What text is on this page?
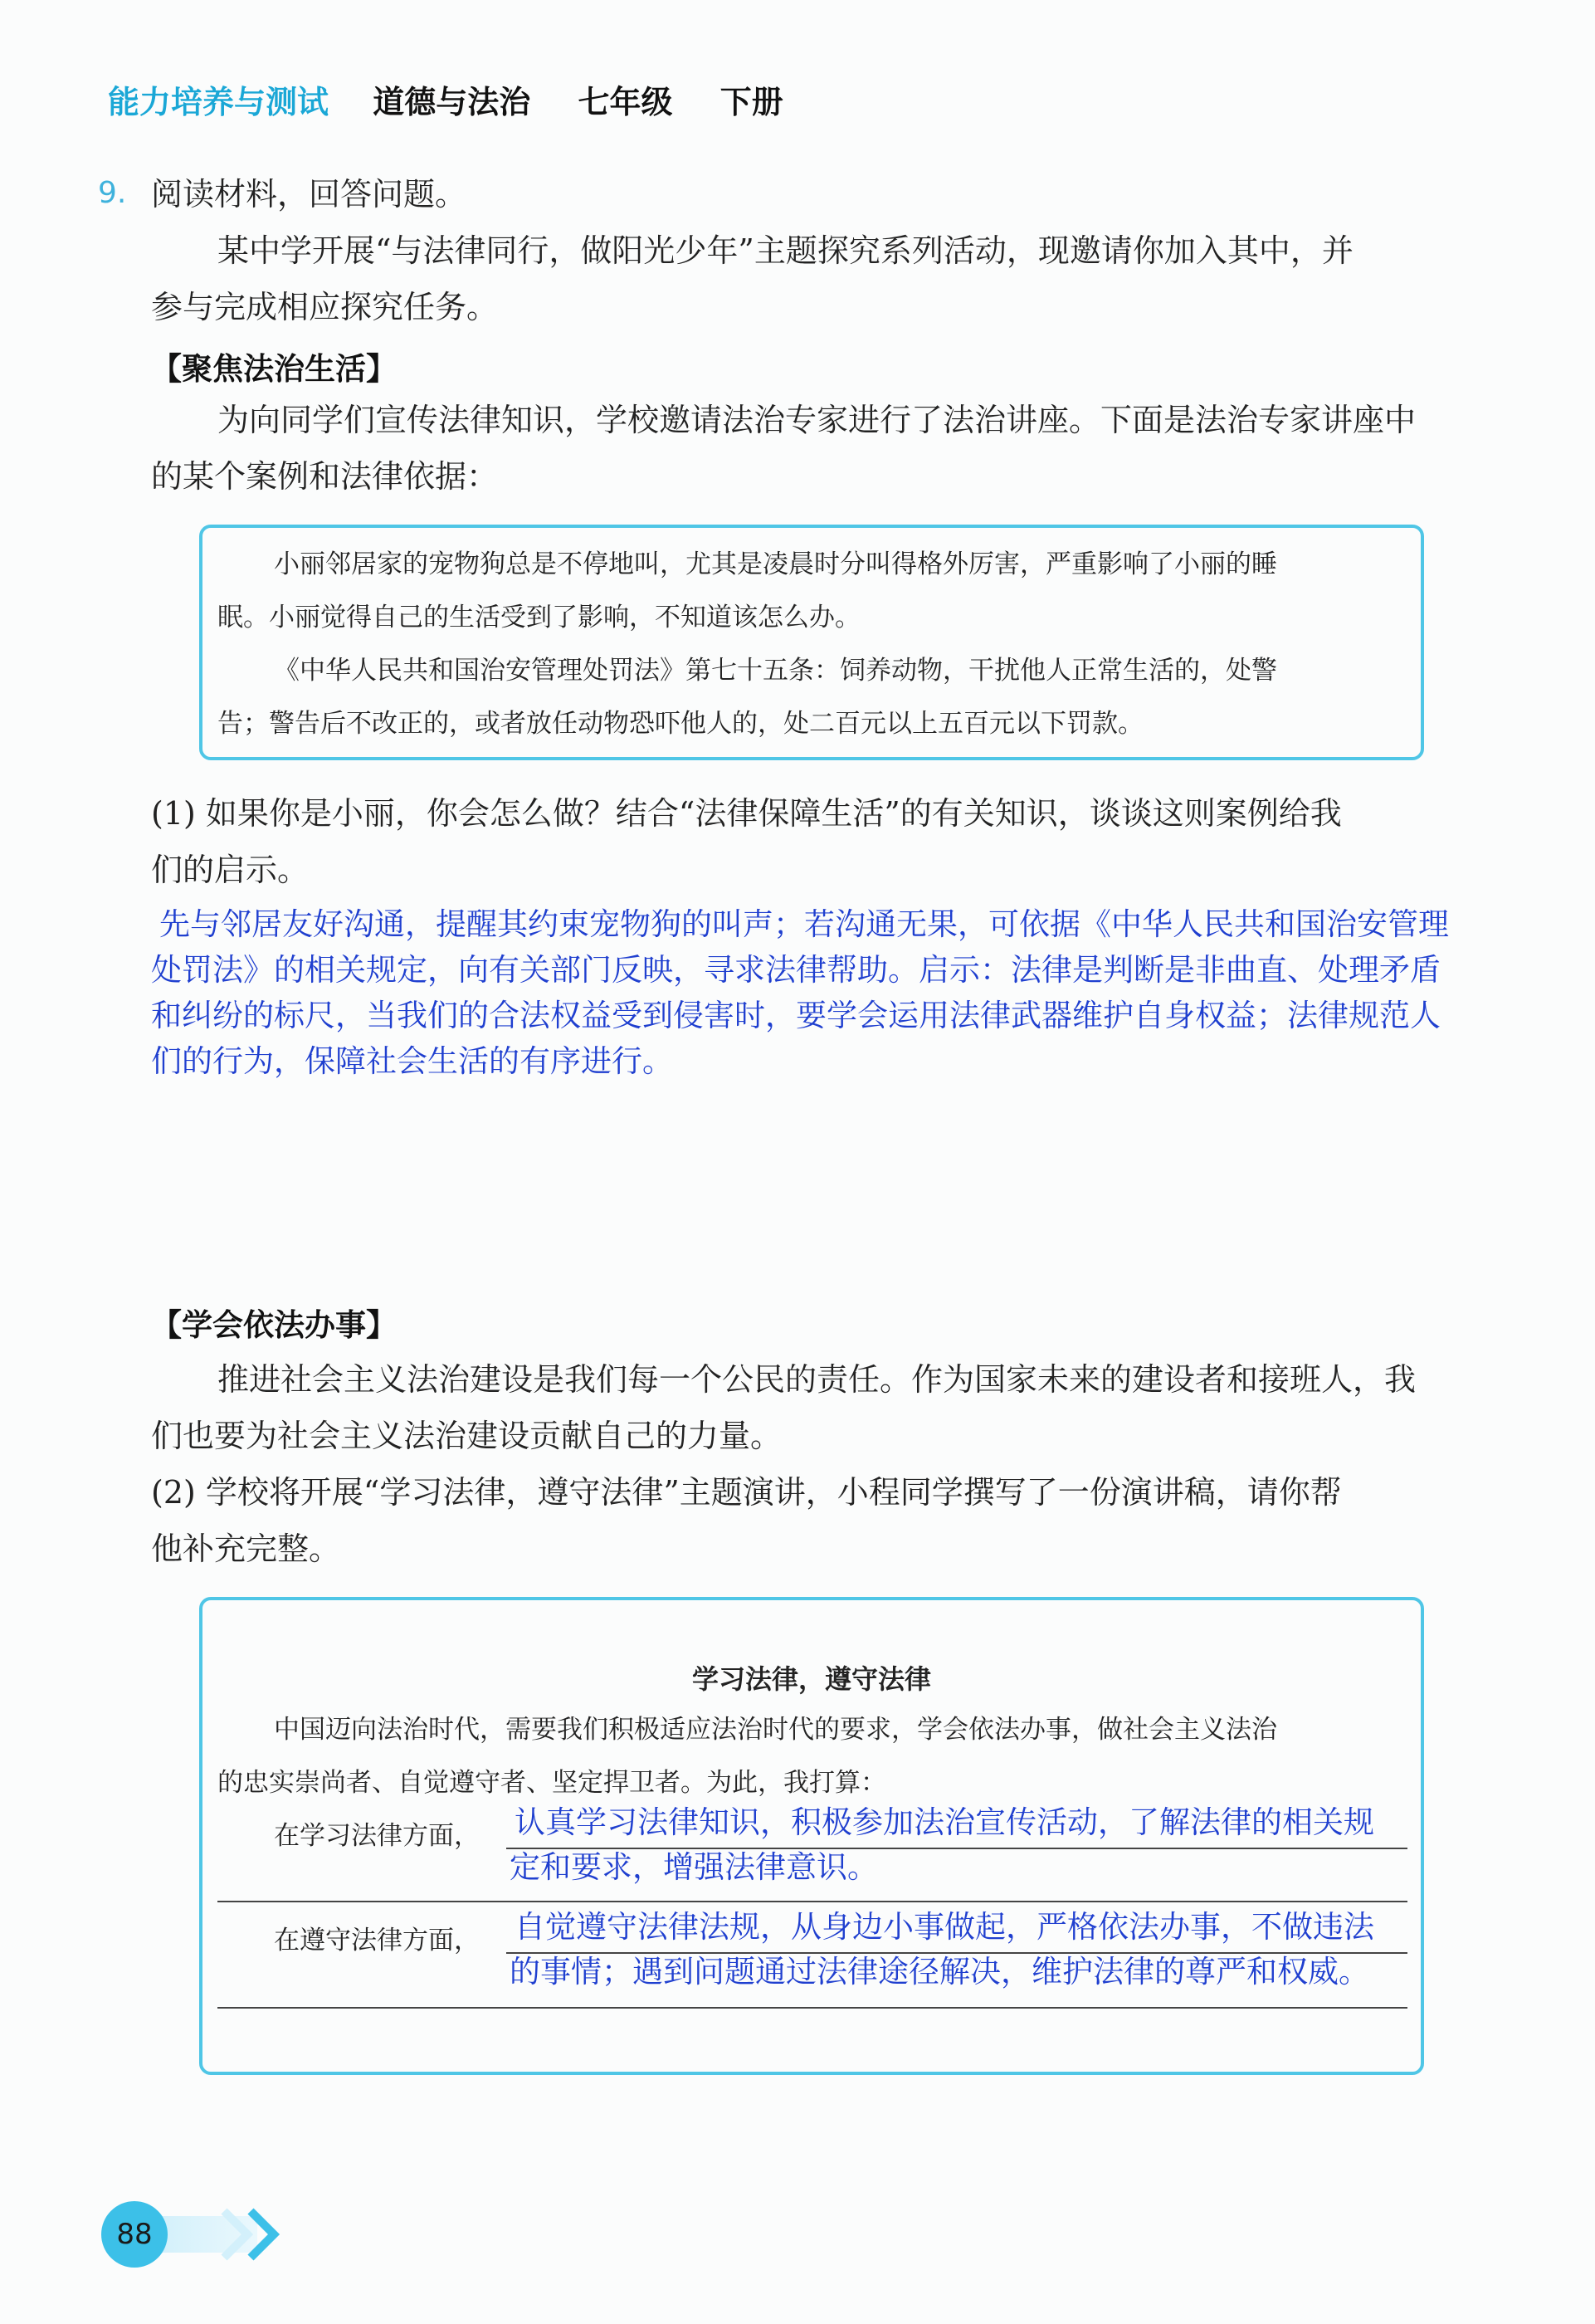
能力培养与测试 道德与法治 七年级 下册
9. 阅读材料，回答问题。
某中学开展“与法律同行，做阳光少年”主题探究系列活动，现邀请你加入其中，并
参与完成相应探究任务。
【聚焦法治生活】
为向同学们宣传法律知识，学校邀请法治专家进行了法治讲座。下面是法治专家讲座中
的某个案例和法律依据：
小丽邻居家的宠物狗总是不停地叫，尤其是凌晨时分叫得格外厉害，严重影响了小丽的睡
眠。小丽觉得自己的生活受到了影响，不知道该怎么办。
《中华人民共和国治安管理处罚法》第七十五条：饲养动物，干扰他人正常生活的，处警
告；警告后不改正的，或者放任动物恐吓他人的，处二百元以上五百元以下罚款。
(1) 如果你是小丽，你会怎么做？结合“法律保障生活”的有关知识，谈谈这则案例给我
们的启示。
先与邻居友好沟通，提醒其约束宠物狗的叫声；若沟通无果，可依据《中华人民共和国治安管理
处罚法》的相关规定，向有关部门反映，寻求法律帮助。启示：法律是判断是非曲直、处理矛盾
和纠纷的标尺，当我们的合法权益受到侵害时，要学会运用法律武器维护自身权益；法律规范人
们的行为，保障社会生活的有序进行。
【学会依法办事】
推进社会主义法治建设是我们每一个公民的责任。作为国家未来的建设者和接班人，我
们也要为社会主义法治建设贡献自己的力量。
(2) 学校将开展“学习法律，遵守法律”主题演讲，小程同学撰写了一份演讲稿，请你帮
他补充完整。
学习法律，遵守法律
中国迈向法治时代，需要我们积极适应法治时代的要求，学会依法办事，做社会主义法治
的忠实崇尚者、自觉遵守者、坚定捍卫者。为此，我打算：
在学习法律方面， 认真学习法律知识，积极参加法治宣传活动，了解法律的相关规
定和要求，增强法律意识。
在遵守法律方面， 自觉遵守法律法规，从身边小事做起，严格依法办事，不做违法
的事情；遇到问题通过法律途径解决，维护法律的尊严和权威。
88
